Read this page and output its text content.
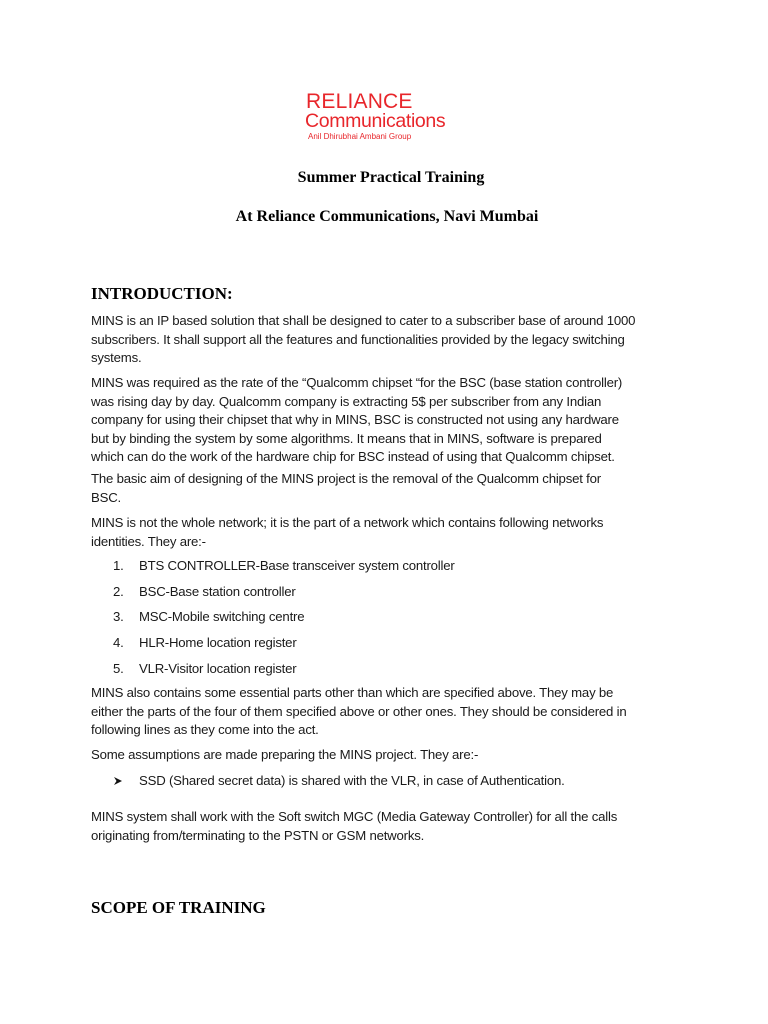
RELIANCE
Communications
Anil Dhirubhai Ambani Group
Summer Practical Training
At Reliance Communications, Navi Mumbai
INTRODUCTION:
MINS is an IP based solution that shall be designed to cater to a subscriber base of around 1000
subscribers. It shall support all the features and functionalities provided by the legacy switching
systems.
MINS was required as the rate of the “Qualcomm chipset “for the BSC (base station controller)
was rising day by day. Qualcomm company is extracting 5$ per subscriber from any Indian
company for using their chipset that why in MINS, BSC is constructed not using any hardware
but by binding the system by some algorithms. It means that in MINS, software is prepared
which can do the work of the hardware chip for BSC instead of using that Qualcomm chipset.
The basic aim of designing of the MINS project is the removal of the Qualcomm chipset for
BSC.
MINS is not the whole network; it is the part of a network which contains following networks
identities. They are:-
1. BTS CONTROLLER-Base transceiver system controller
2. BSC-Base station controller
3. MSC-Mobile switching centre
4. HLR-Home location register
5. VLR-Visitor location register
MINS also contains some essential parts other than which are specified above. They may be
either the parts of the four of them specified above or other ones. They should be considered in
following lines as they come into the act.
Some assumptions are made preparing the MINS project. They are:-
SSD (Shared secret data) is shared with the VLR, in case of Authentication.
MINS system shall work with the Soft switch MGC (Media Gateway Controller) for all the calls
originating from/terminating to the PSTN or GSM networks.
SCOPE OF TRAINING
